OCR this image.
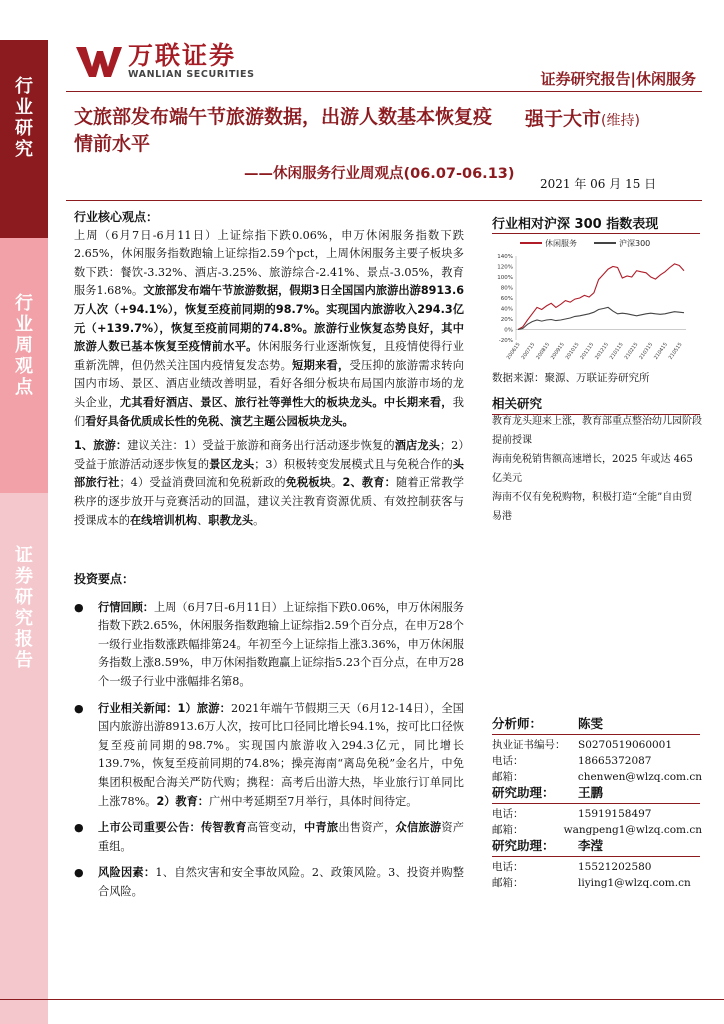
行业研究
行业周观点
证券研究报告
万联证券
WANLIAN SECURITIES	证券研究报告|休闲服务
文旅部发布端午节旅游数据，出游人数基本恢复疫情前水平
——休闲服务行业周观点(06.07-06.13)
强于大市(维持)
2021 年 06 月 15 日
行业核心观点：

上周（6月7日-6月11日）上证综指下跌0.06%，申万休闲服务指数下跌2.65%，休闲服务指数跑输上证综指2.59个pct，上周休闲服务主要子板块多数下跌：餐饮-3.32%、酒店-3.25%、旅游综合-2.41%、景点-3.05%，教育服务1.68%。文旅部发布端午节旅游数据，假期3日全国国内旅游出游8913.6万人次（+94.1%），恢复至疫前同期的98.7%。实现国内旅游收入294.3亿元（+139.7%），恢复至疫前同期的74.8%。旅游行业恢复态势良好，其中旅游人数已基本恢复至疫情前水平。休闲服务行业逐渐恢复，且疫情使得行业重新洗牌，但仍然关注国内疫情复发态势。短期来看，受压抑的旅游需求转向国内市场、景区、酒店业绩改善明显，看好各细分板块布局国内旅游市场的龙头企业，尤其看好酒店、景区、旅行社等弹性大的板块龙头。中长期来看，我们看好具备优质成长性的免税、演艺主题公园板块龙头。

1、旅游：建议关注：1）受益于旅游和商务出行活动逐步恢复的酒店龙头；2）受益于旅游活动逐步恢复的景区龙头；3）积极转变发展模式且与免税合作的头部旅行社；4）受益消费回流和免税新政的免税板块。2、教育：随着正常教学秩序的逐步放开与竞赛活动的回温，建议关注教育资源优质、有效控制获客与授课成本的在线培训机构、职教龙头。

投资要点：
● 行情回顾：上周（6月7日-6月11日）上证综指下跌0.06%，申万休闲服务指数下跌2.65%，休闲服务指数跑输上证综指2.59个百分点，在申万28个一级行业指数涨跌幅排第24。年初至今上证综指上涨3.36%，申万休闲服务指数上涨8.59%，申万休闲指数跑赢上证综指5.23个百分点，在申万28个一级子行业中涨幅排名第8。
● 行业相关新闻：1）旅游：2021年端午节假期三天（6月12-14日），全国国内旅游出游8913.6万人次，按可比口径同比增长94.1%，按可比口径恢复至疫前同期的98.7%。实现国内旅游收入294.3亿元，同比增长139.7%，恢复至疫前同期的74.8%；操亮海南“离岛免税”金名片，中免集团积极配合海关严防代购；携程：高考后出游大热，毕业旅行订单同比上涨78%。2）教育：广州中考延期至7月举行，具体时间待定。
● 上市公司重要公告：传智教育高管变动，中青旅出售资产，众信旅游资产重组。
● 风险因素：1、自然灾害和安全事故风险。2、政策风险。3、投资并购整合风险。
行业相对沪深 300 指数表现
休闲服务	沪深300
140%
120%
100%
80%
60%
40%
20%
0%
-20%
200615
200715
200815
200915
201015
201115
201215
210115
210215
210315
210415
210515
数据来源：聚源、万联证券研究所
相关研究
教育龙头迎来上涨，教育部重点整治幼儿园阶段提前授课
海南免税销售额高速增长，2025 年或达 465 亿美元
海南不仅有免税购物，积极打造“全能”自由贸易港
分析师：	陈雯
执业证书编号：	S0270519060001
电话：	18665372087
邮箱：	chenwen@wlzq.com.cn
研究助理：	王鹏
电话：	15919158497
邮箱：	wangpeng1@wlzq.com.cn
研究助理：	李滢
电话：	15521202580
邮箱：	liying1@wlzq.com.cn
